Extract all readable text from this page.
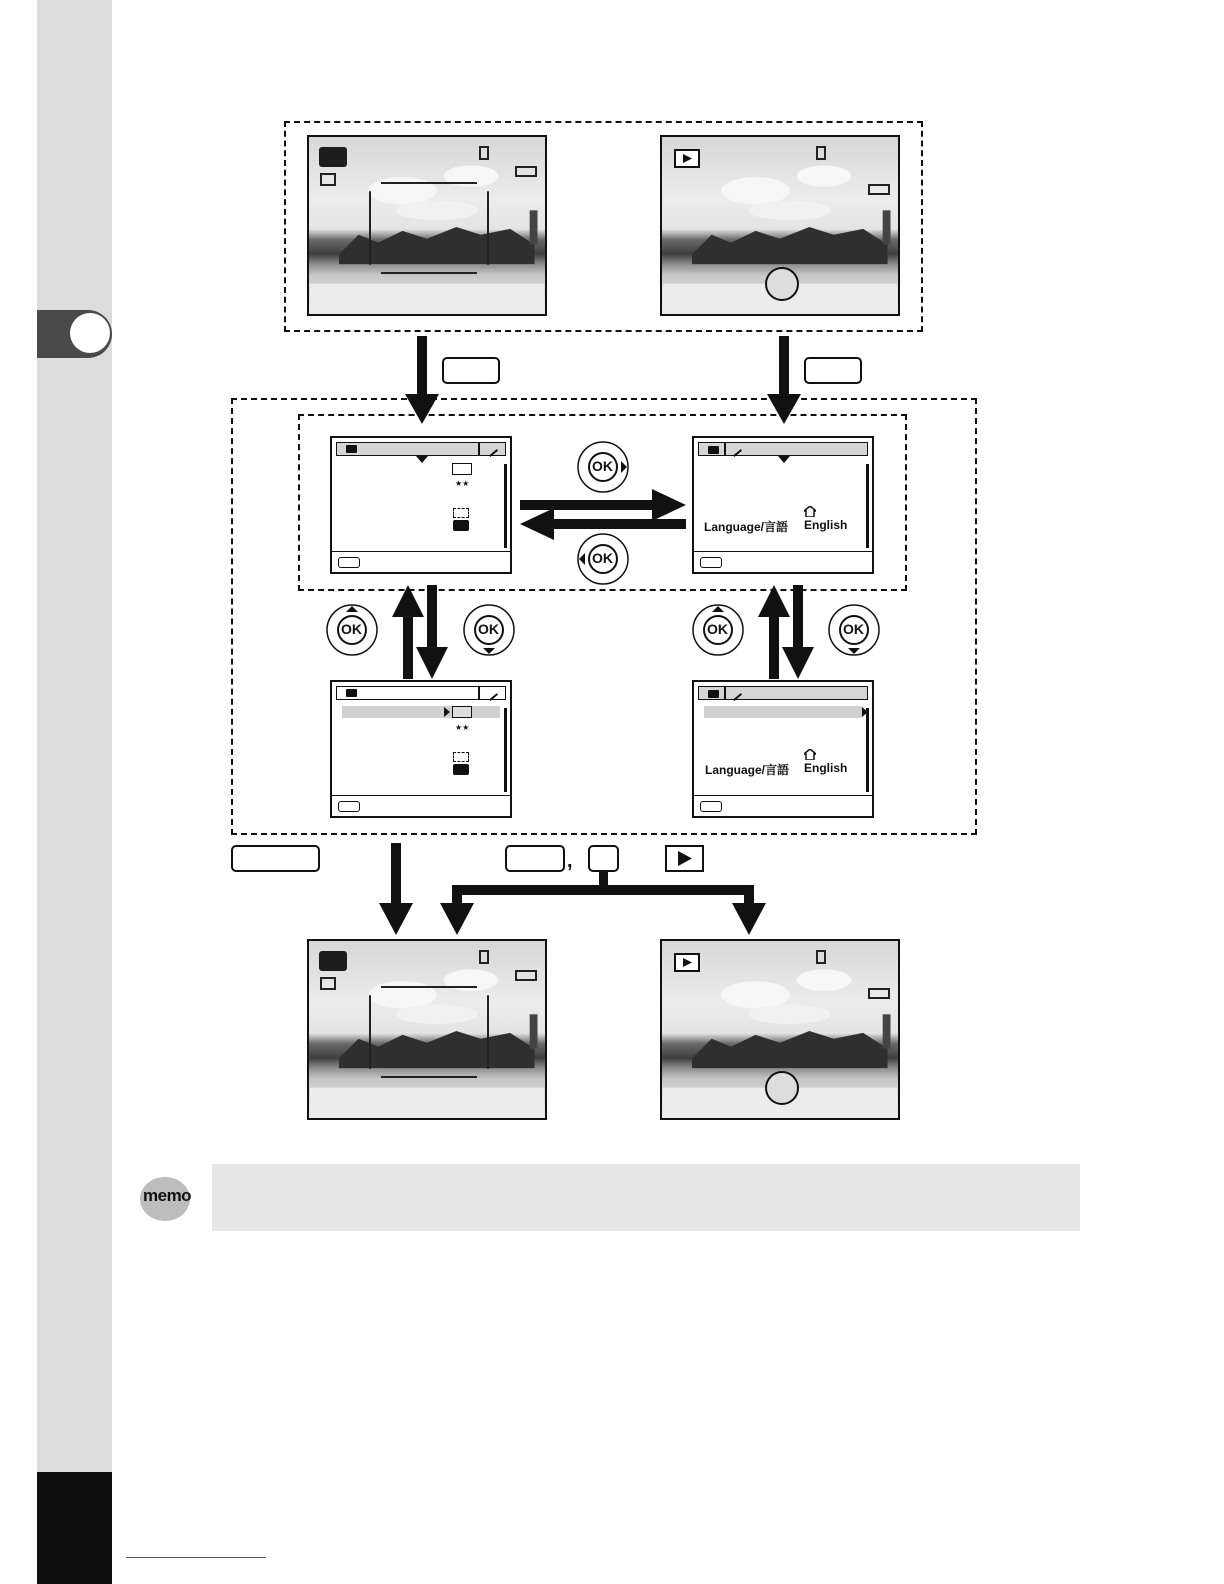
★★
Language/言語 English
OK
OK
OK	OK	OK	OK
★★
Language/言語 English
,
memo
